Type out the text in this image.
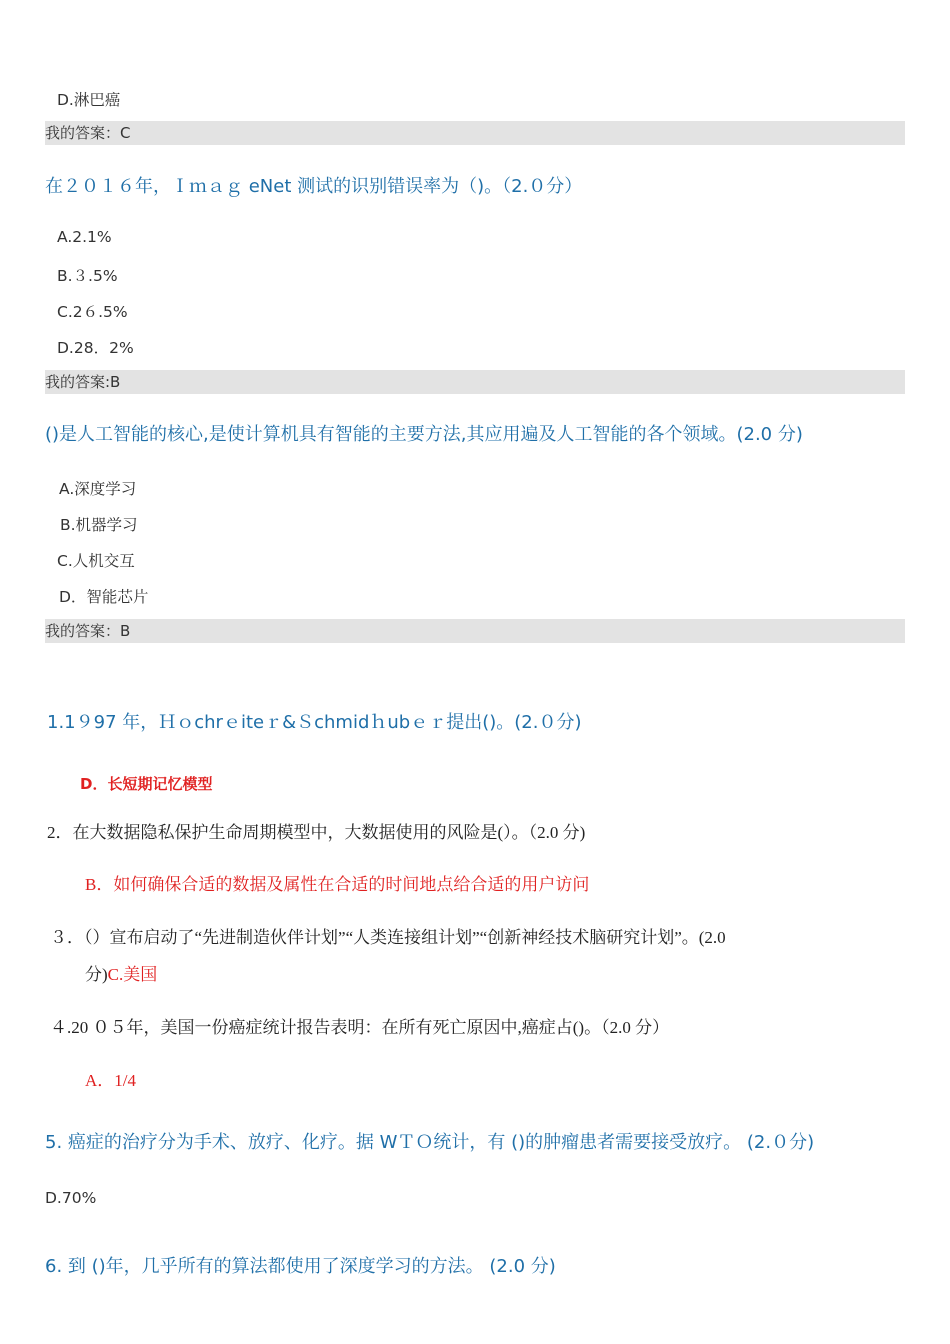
D.淋巴癌
我的答案：C
在２０１６年，Ｉｍａｇ eNet 测试的识别错误率为（)。（2.０分）
A.2.1%
B.３.5%
C.2６.5%
D.28．2%
我的答案:B
()是人工智能的核心,是使计算机具有智能的主要方法,其应用遍及人工智能的各个领域。(2.0 分)
A.深度学习
B.机器学习
C.人机交互
D．智能芯片
我的答案：B
1.1９97 年，Ｈｏchrｅiteｒ&Ｓchmidｈubｅｒ提出()。(2.０分)
D．长短期记忆模型
2．在大数据隐私保护生命周期模型中，大数据使用的风险是(）。（2.0 分)
B．如何确保合适的数据及属性在合适的时间地点给合适的用户访问
３．（）宣布启动了“先进制造伙伴计划”“人类连接组计划”“创新神经技术脑研究计划”。(2.0
分)C.美国
４.20 ０５年，美国一份癌症统计报告表明：在所有死亡原因中,癌症占()。（2.0 分）
A．1/4
5. 癌症的治疗分为手术、放疗、化疗。据 WＴＯ统计，有 ()的肿瘤患者需要接受放疗。 (2.０分)
D.70%
6. 到 ()年，几乎所有的算法都使用了深度学习的方法。 (2.0 分)
